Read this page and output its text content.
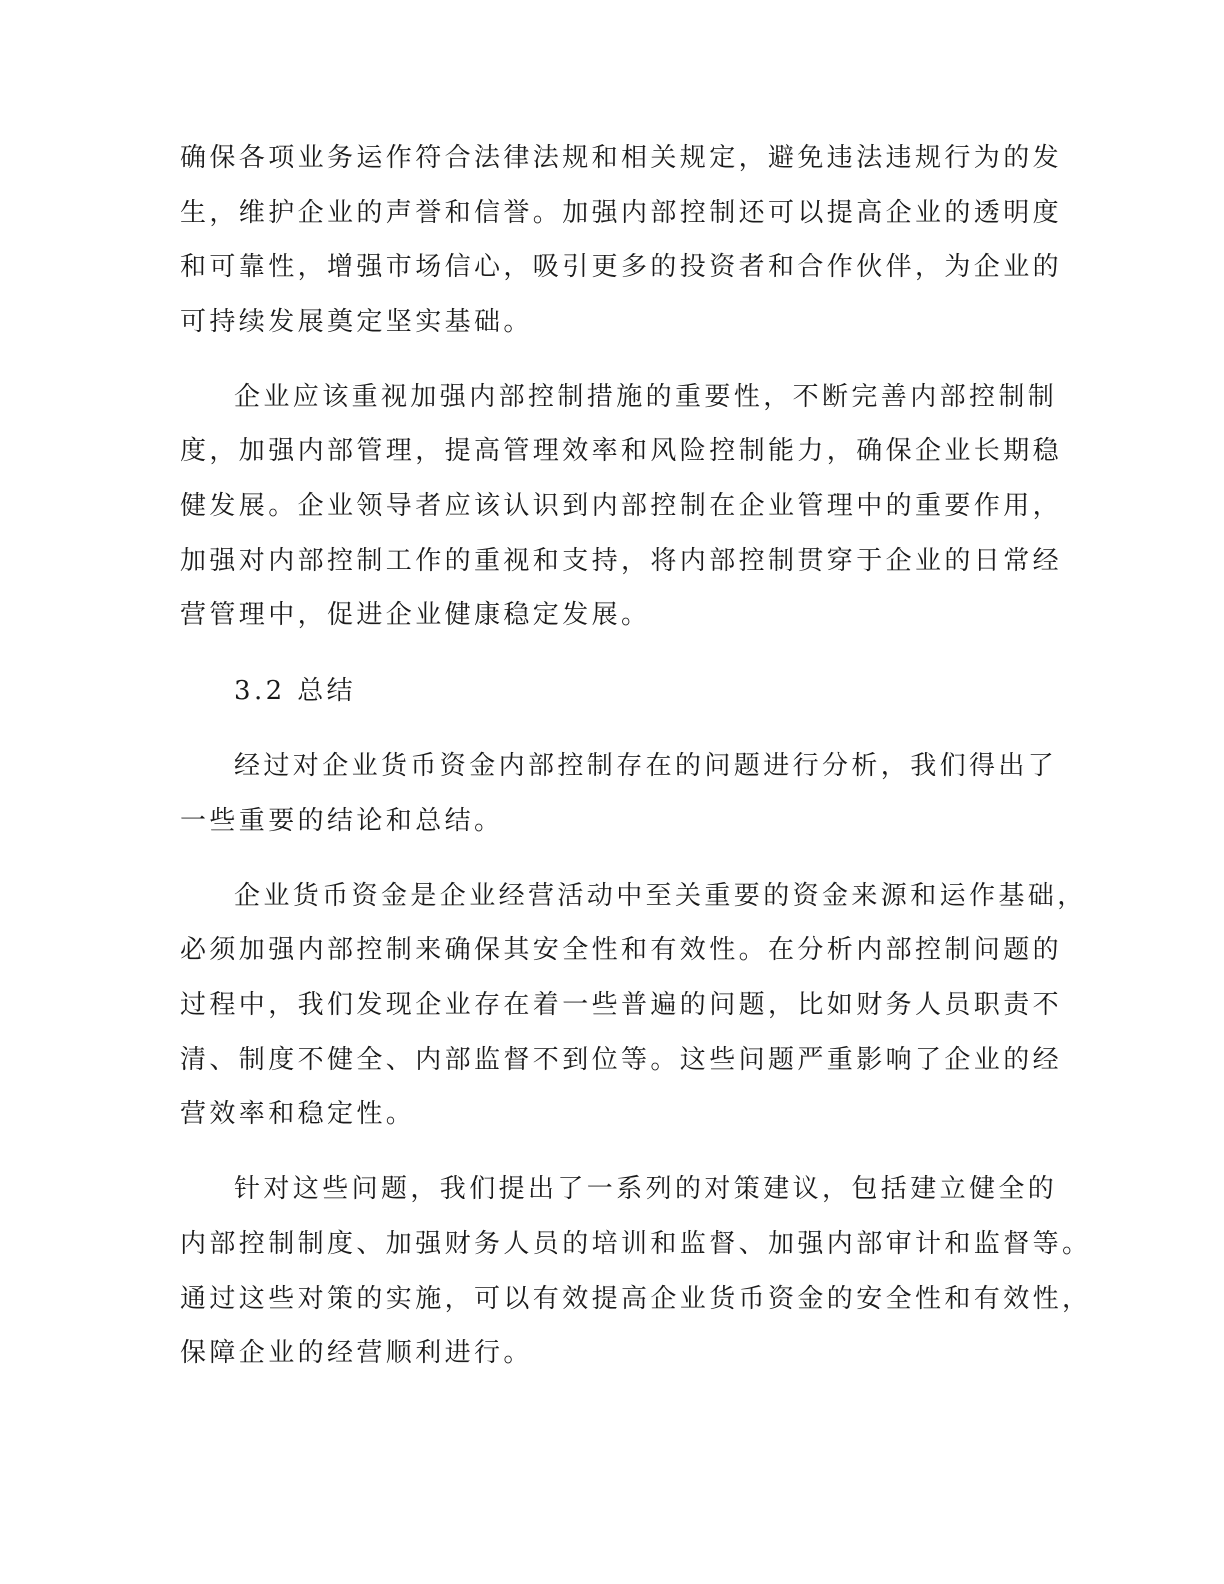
确保各项业务运作符合法律法规和相关规定，避免违法违规行为的发
生，维护企业的声誉和信誉。加强内部控制还可以提高企业的透明度
和可靠性，增强市场信心，吸引更多的投资者和合作伙伴，为企业的
可持续发展奠定坚实基础。
企业应该重视加强内部控制措施的重要性，不断完善内部控制制
度，加强内部管理，提高管理效率和风险控制能力，确保企业长期稳
健发展。企业领导者应该认识到内部控制在企业管理中的重要作用，
加强对内部控制工作的重视和支持，将内部控制贯穿于企业的日常经
营管理中，促进企业健康稳定发展。
3.2 总结
经过对企业货币资金内部控制存在的问题进行分析，我们得出了
一些重要的结论和总结。
企业货币资金是企业经营活动中至关重要的资金来源和运作基础，
必须加强内部控制来确保其安全性和有效性。在分析内部控制问题的
过程中，我们发现企业存在着一些普遍的问题，比如财务人员职责不
清、制度不健全、内部监督不到位等。这些问题严重影响了企业的经
营效率和稳定性。
针对这些问题，我们提出了一系列的对策建议，包括建立健全的
内部控制制度、加强财务人员的培训和监督、加强内部审计和监督等。
通过这些对策的实施，可以有效提高企业货币资金的安全性和有效性，
保障企业的经营顺利进行。
